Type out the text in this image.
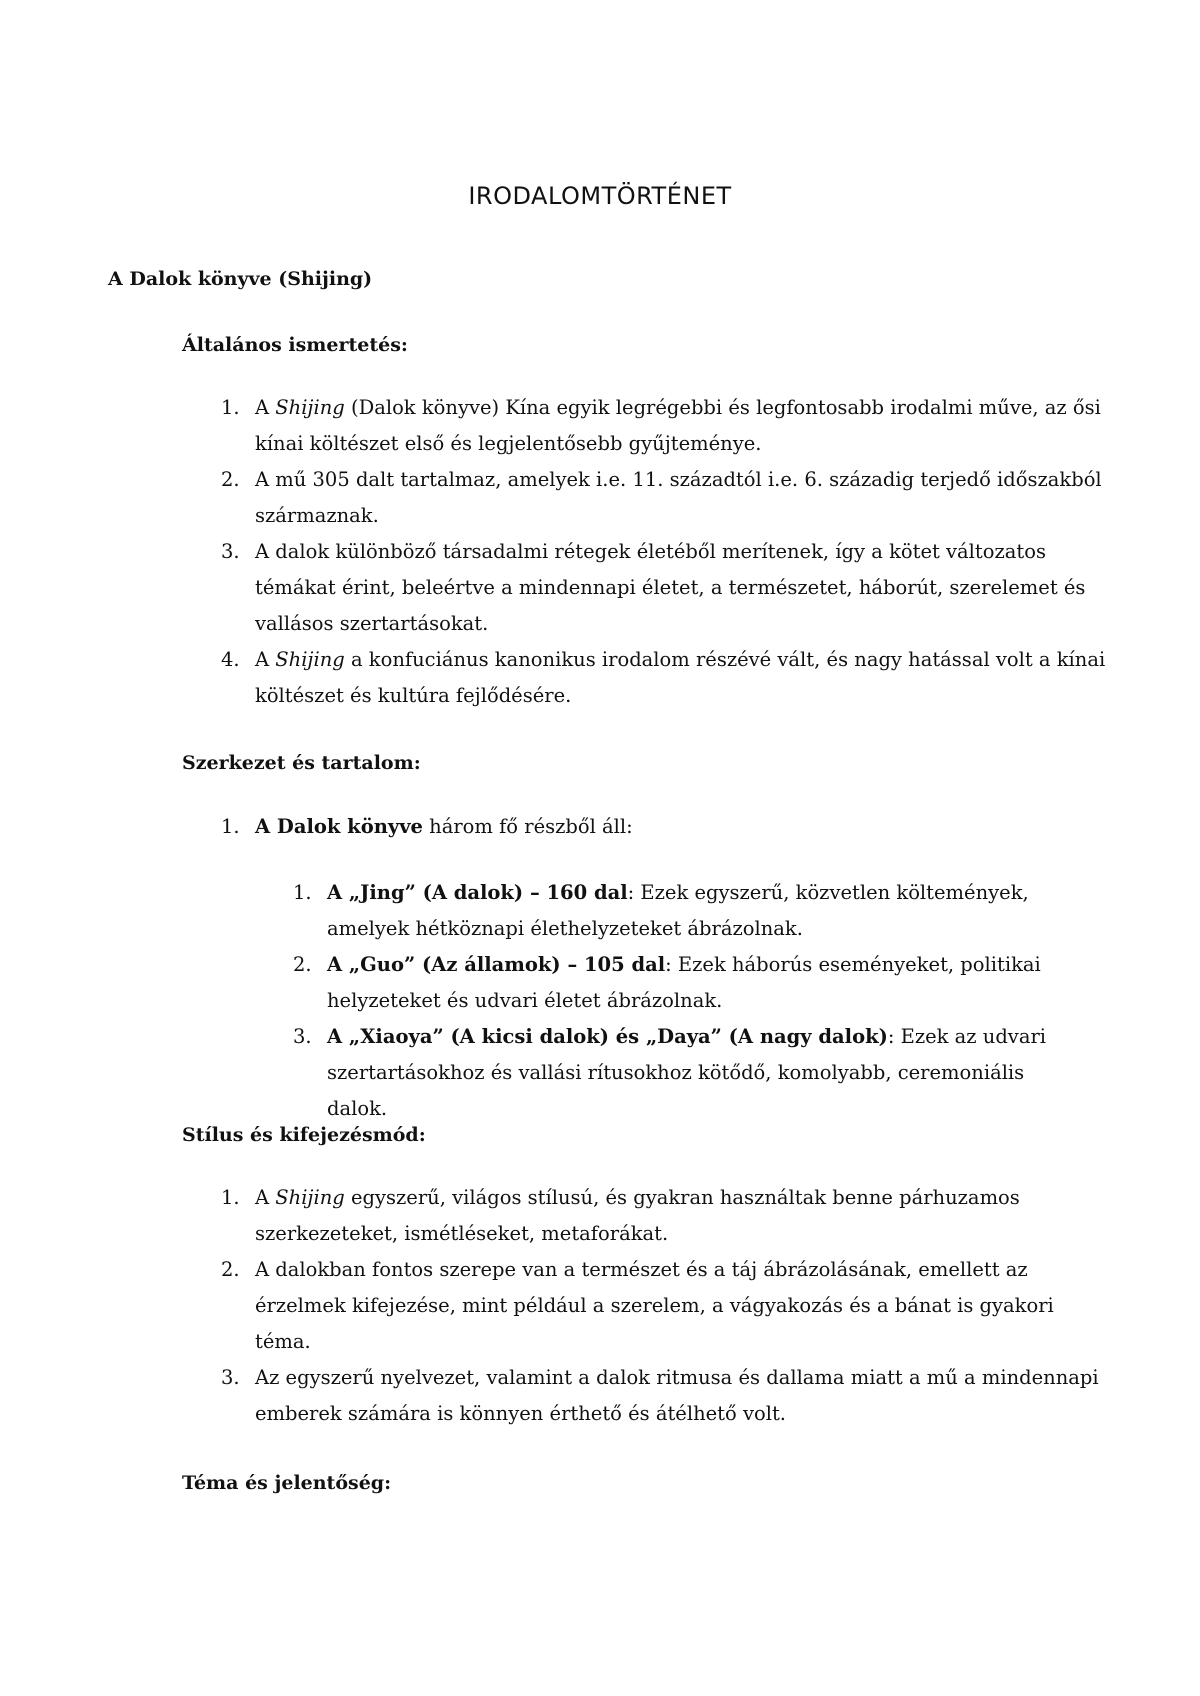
IRODALOMTÖRTÉNET
A Dalok könyve (Shijing)
Általános ismertetés:
1. A Shijing (Dalok könyve) Kína egyik legrégebbi és legfontosabb irodalmi műve, az ősi kínai költészet első és legjelentősebb gyűjteménye.
2. A mű 305 dalt tartalmaz, amelyek i.e. 11. századtól i.e. 6. századig terjedő időszakból származnak.
3. A dalok különböző társadalmi rétegek életéből merítenek, így a kötet változatos témákat érint, beleértve a mindennapi életet, a természetet, háborút, szerelemet és vallásos szertartásokat.
4. A Shijing a konfuciánus kanonikus irodalom részévé vált, és nagy hatással volt a kínai költészet és kultúra fejlődésére.
Szerkezet és tartalom:
1. A Dalok könyve három fő részből áll:
1. A „Jing” (A dalok) – 160 dal: Ezek egyszerű, közvetlen költemények, amelyek hétköznapi élethelyzeteket ábrázolnak.
2. A „Guo” (Az államok) – 105 dal: Ezek háborús eseményeket, politikai helyzeteket és udvari életet ábrázolnak.
3. A „Xiaoya” (A kicsi dalok) és „Daya” (A nagy dalok): Ezek az udvari szertartásokhoz és vallási rítusokhoz kötődő, komolyabb, ceremoniális dalok.
Stílus és kifejezésmód:
1. A Shijing egyszerű, világos stílusú, és gyakran használtak benne párhuzamos szerkezeteket, ismétléseket, metaforákat.
2. A dalokban fontos szerepe van a természet és a táj ábrázolásának, emellett az érzelmek kifejezése, mint például a szerelem, a vágyakozás és a bánat is gyakori téma.
3. Az egyszerű nyelvezet, valamint a dalok ritmusa és dallama miatt a mű a mindennapi emberek számára is könnyen érthető és átélhető volt.
Téma és jelentőség:
